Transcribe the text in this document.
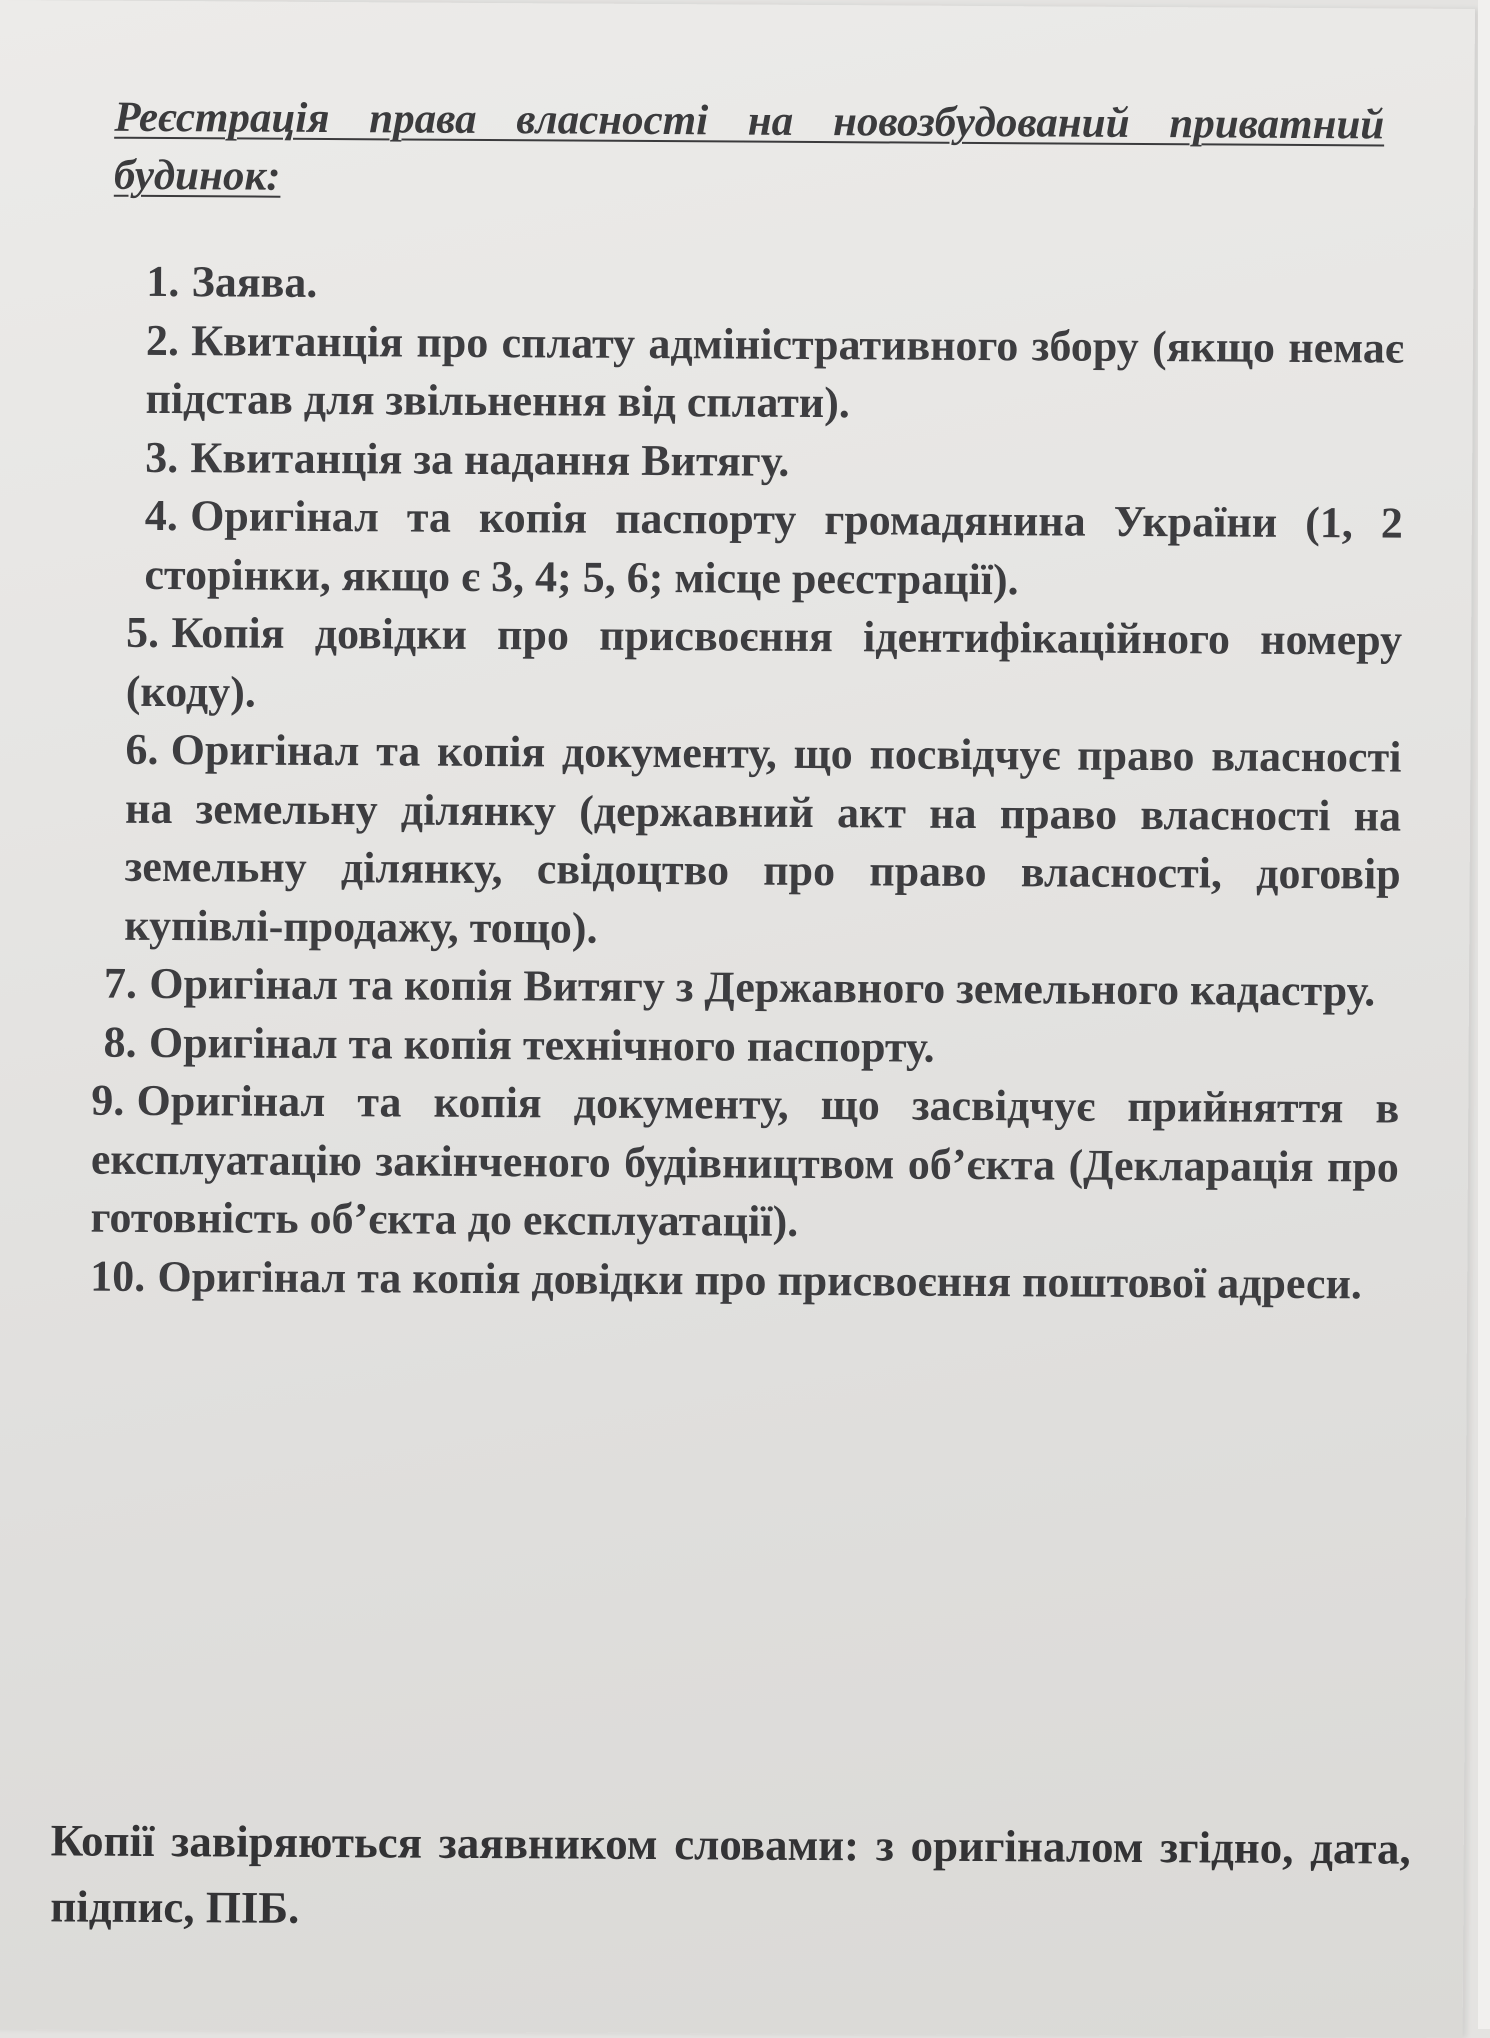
Реєстрація права власності на новозбудований приватний будинок:
1. Заява.
2. Квитанція про сплату адміністративного збору (якщо немає підстав для звільнення від сплати).
3. Квитанція за надання Витягу.
4. Оригінал та копія паспорту громадянина України (1, 2 сторінки, якщо є 3, 4; 5, 6; місце реєстрації).
5. Копія довідки про присвоєння ідентифікаційного номеру (коду).
6. Оригінал та копія документу, що посвідчує право власності на земельну ділянку (державний акт на право власності на земельну ділянку, свідоцтво про право власності, договір купівлі-продажу, тощо).
7. Оригінал та копія Витягу з Державного земельного кадастру.
8. Оригінал та копія технічного паспорту.
9. Оригінал та копія документу, що засвідчує прийняття в експлуатацію закінченого будівництвом об’єкта (Декларація про готовність об’єкта до експлуатації).
10. Оригінал та копія довідки про присвоєння поштової адреси.

Копії завіряються заявником словами: з оригіналом згідно, дата, підпис, ПІБ.
